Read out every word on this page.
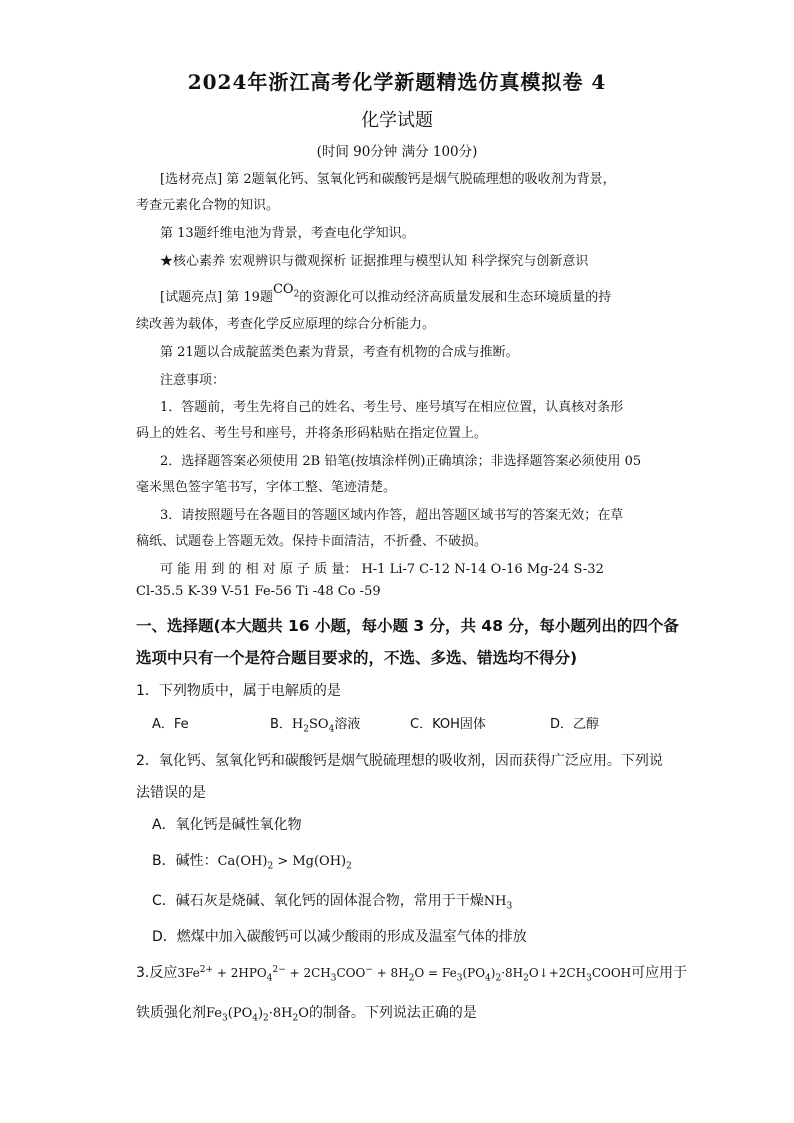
2024年浙江高考化学新题精选仿真模拟卷 4
化学试题
(时间 90分钟 满分 100分)
[选材亮点] 第 2题氧化钙、氢氧化钙和碳酸钙是烟气脱硫理想的吸收剂为背景，
考查元素化合物的知识。
第 13题纤维电池为背景，考查电化学知识。
★核心素养 宏观辨识与微观探析 证据推理与模型认知 科学探究与创新意识
[试题亮点] 第 19题$CO_2$的资源化可以推动经济高质量发展和生态环境质量的持
续改善为载体，考查化学反应原理的综合分析能力。
第 21题以合成靛蓝类色素为背景，考查有机物的合成与推断。
注意事项：
1．答题前，考生先将自己的姓名、考生号、座号填写在相应位置，认真核对条形
码上的姓名、考生号和座号，并将条形码粘贴在指定位置上。
2．选择题答案必须使用 2B 铅笔(按填涂样例)正确填涂；非选择题答案必须使用 05
毫米黑色签字笔书写，字体工整、笔迹清楚。
3．请按照题号在各题目的答题区域内作答，超出答题区域书写的答案无效；在草
稿纸、试题卷上答题无效。保持卡面清洁，不折叠、不破损。
可 能 用 到 的 相 对 原 子 质 量： H-1 Li-7 C-12 N-14 O-16 Mg-24 S-32
Cl-35.5 K-39 V-51 Fe-56 Ti -48 Co -59
一、选择题(本大题共 16 小题，每小题 3 分，共 48 分，每小题列出的四个备
选项中只有一个是符合题目要求的，不选、多选、错选均不得分)
1．下列物质中，属于电解质的是
A．Fe	B．$H_2SO_4$溶液	C．KOH固体	D．乙醇
2．氧化钙、氢氧化钙和碳酸钙是烟气脱硫理想的吸收剂，因而获得广泛应用。下列说
法错误的是
A．氧化钙是碱性氧化物
B．碱性：$Ca(OH)_2 > Mg(OH)_2$
C．碱石灰是烧碱、氧化钙的固体混合物，常用于干燥$NH_3$
D．燃煤中加入碳酸钙可以减少酸雨的形成及温室气体的排放
3.反应$3Fe^{2+} + 2HPO_4^{2-} + 2CH_3COO^- + 8H_2O$ = $Fe_3(PO_4)_2\cdot 8H_2O↓+2CH_3COOH$可应用于
铁质强化剂$Fe_3(PO_4)_2\cdot 8H_2O$的制备。下列说法正确的是
